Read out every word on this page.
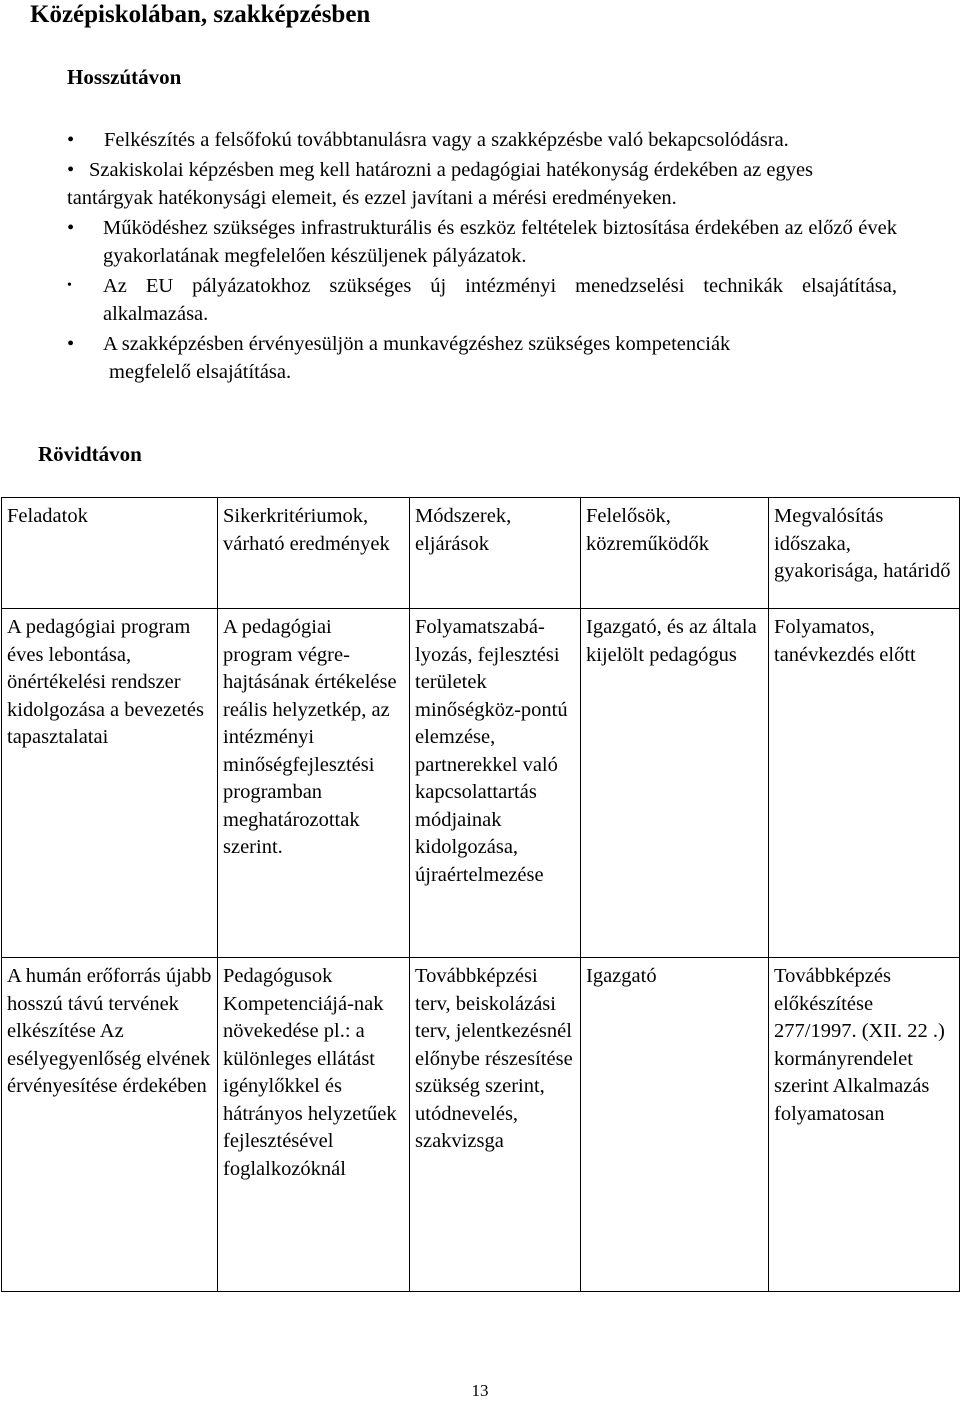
Középiskolában, szakképzésben
Hosszútávon
•	Felkészítés a felsőfokú továbbtanulásra vagy a szakképzésbe való bekapcsolódásra.
• Szakiskolai képzésben meg kell határozni a pedagógiai hatékonyság érdekében az egyes tantárgyak hatékonysági elemeit, és ezzel javítani a mérési eredményeken.
•	Működéshez szükséges infrastrukturális és eszköz feltételek biztosítása érdekében az előző évek gyakorlatának megfelelően készüljenek pályázatok.
•	Az EU pályázatokhoz szükséges új intézményi menedzselési technikák elsajátítása, alkalmazása.
•	A szakképzésben érvényesüljön a munkavégzéshez szükséges kompetenciák
megfelelő elsajátítása.
Rövidtávon
Feladatok	Sikerkritériumok, várható eredmények	Módszerek, eljárások	Felelősök, közreműködők	Megvalósítás időszaka, gyakorisága, határidő
A pedagógiai program éves lebontása, önértékelési rendszer kidolgozása a bevezetés tapasztalatai	A pedagógiai program végre-hajtásának értékelése reális helyzetkép, az intézményi minőségfejlesztési programban meghatározottak szerint.	Folyamatszabá-lyozás, fejlesztési területek minőségköz-pontú elemzése, partnerekkel való kapcsolattartás módjainak kidolgozása, újraértelmezése	Igazgató, és az általa kijelölt pedagógus	Folyamatos, tanévkezdés előtt
A humán erőforrás újabb hosszú távú tervének elkészítése Az esélyegyenlőség elvének érvényesítése érdekében	Pedagógusok Kompetenciájá-nak növekedése pl.: a különleges ellátást igénylőkkel és hátrányos helyzetűek fejlesztésével foglalkozóknál	Továbbképzési terv, beiskolázási terv, jelentkezésnél előnybe részesítése szükség szerint, utódnevelés, szakvizsga	Igazgató	Továbbképzés előkészítése 277/1997. (XII. 22 .) kormányrendelet szerint Alkalmazás folyamatosan
13
